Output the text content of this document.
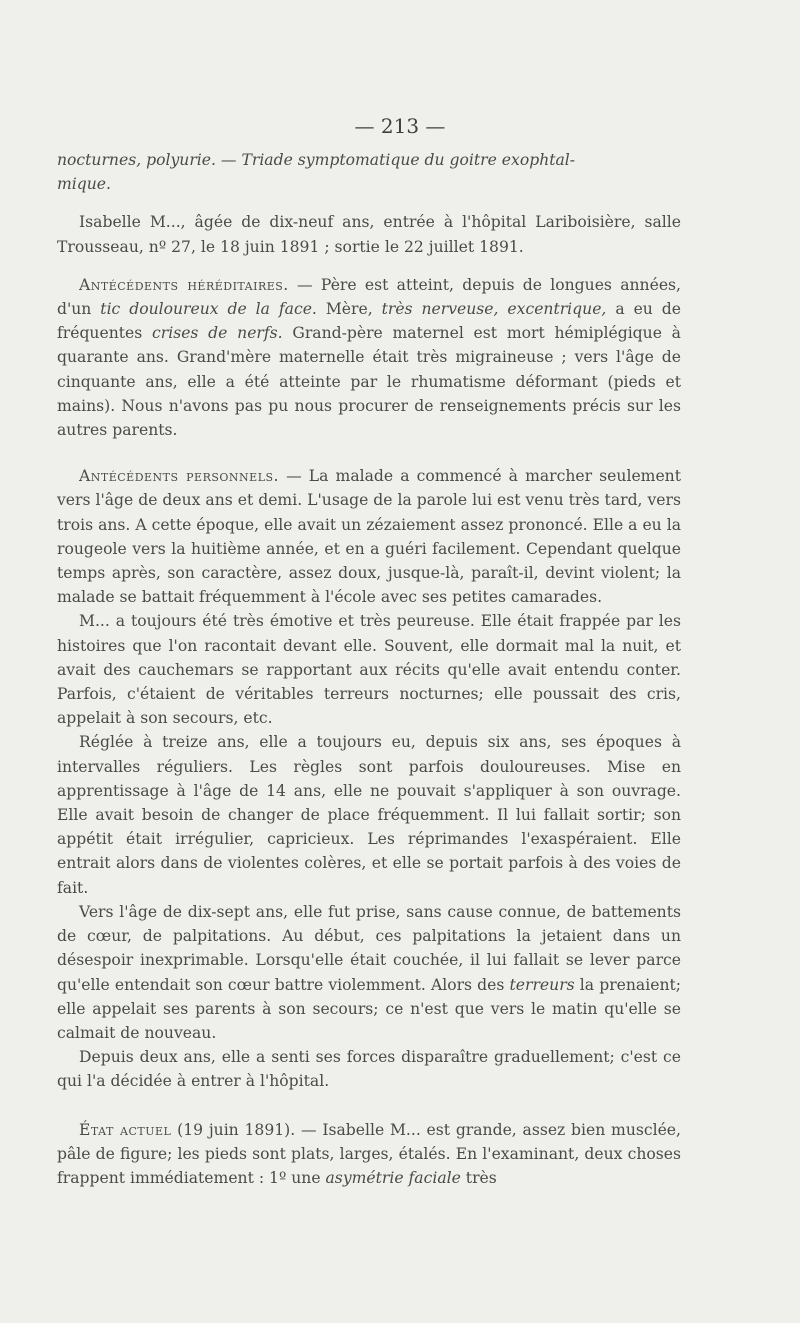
— 213 —

nocturnes, polyurie. — Triade symptomatique du goitre exophtal-
mique.

Isabelle M..., âgée de dix-neuf ans, entrée à l'hôpital Lariboisière, salle Trousseau, nº 27, le 18 juin 1891 ; sortie le 22 juillet 1891.

Antécédents héréditaires. — Père est atteint, depuis de longues années, d'un tic douloureux de la face. Mère, très nerveuse, excentrique, a eu de fréquentes crises de nerfs. Grand-père maternel est mort hémiplégique à quarante ans. Grand'mère maternelle était très migraineuse ; vers l'âge de cinquante ans, elle a été atteinte par le rhumatisme déformant (pieds et mains). Nous n'avons pas pu nous procurer de renseignements précis sur les autres parents.

Antécédents personnels. — La malade a commencé à marcher seulement vers l'âge de deux ans et demi. L'usage de la parole lui est venu très tard, vers trois ans. A cette époque, elle avait un zézaiement assez prononcé. Elle a eu la rougeole vers la huitième année, et en a guéri facilement. Cependant quelque temps après, son caractère, assez doux, jusque-là, paraît-il, devint violent; la malade se battait fréquemment à l'école avec ses petites camarades.

M... a toujours été très émotive et très peureuse. Elle était frappée par les histoires que l'on racontait devant elle. Souvent, elle dormait mal la nuit, et avait des cauchemars se rapportant aux récits qu'elle avait entendu conter. Parfois, c'étaient de véritables terreurs nocturnes; elle poussait des cris, appelait à son secours, etc.

Réglée à treize ans, elle a toujours eu, depuis six ans, ses époques à intervalles réguliers. Les règles sont parfois douloureuses. Mise en apprentissage à l'âge de 14 ans, elle ne pouvait s'appliquer à son ouvrage. Elle avait besoin de changer de place fréquemment. Il lui fallait sortir; son appétit était irrégulier, capricieux. Les réprimandes l'exaspéraient. Elle entrait alors dans de violentes colères, et elle se portait parfois à des voies de fait.

Vers l'âge de dix-sept ans, elle fut prise, sans cause connue, de battements de cœur, de palpitations. Au début, ces palpitations la jetaient dans un désespoir inexprimable. Lorsqu'elle était couchée, il lui fallait se lever parce qu'elle entendait son cœur battre violemment. Alors des terreurs la prenaient; elle appelait ses parents à son secours; ce n'est que vers le matin qu'elle se calmait de nouveau.

Depuis deux ans, elle a senti ses forces disparaître graduellement; c'est ce qui l'a décidée à entrer à l'hôpital.

État actuel (19 juin 1891). — Isabelle M... est grande, assez bien musclée, pâle de figure; les pieds sont plats, larges, étalés. En l'examinant, deux choses frappent immédiatement : 1º une asymétrie faciale très
